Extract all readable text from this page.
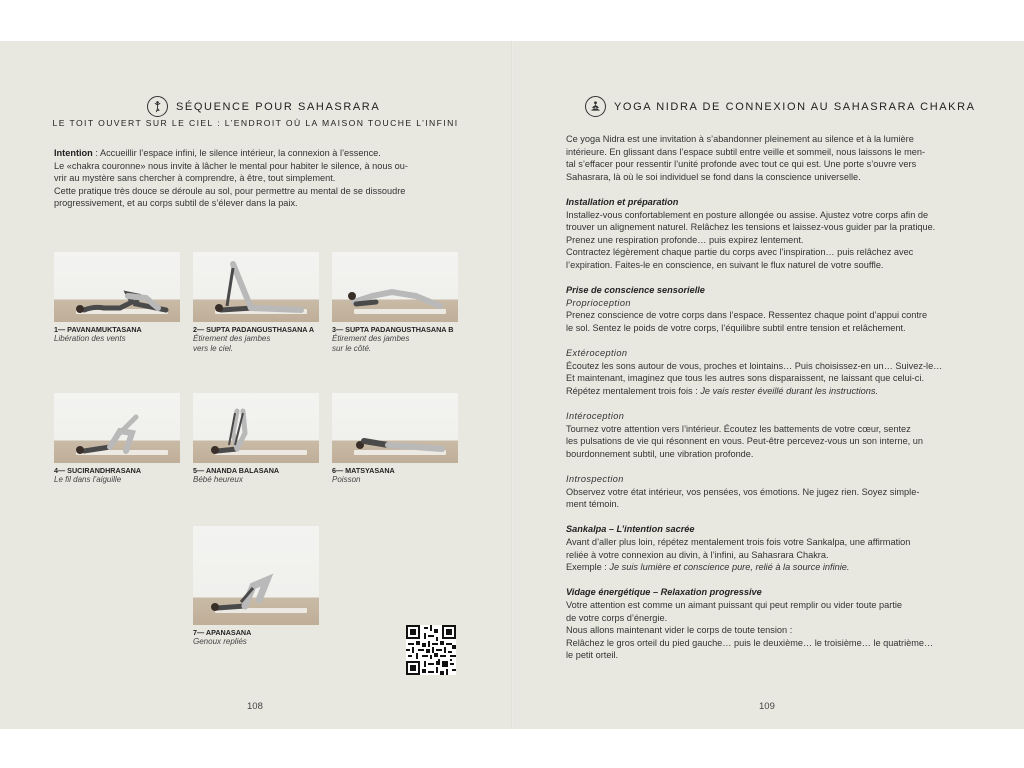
SÉQUENCE POUR SAHASRARA
LE TOIT OUVERT SUR LE CIEL : L’ENDROIT OÙ LA MAISON TOUCHE L’INFINI

Intention : Accueillir l’espace infini, le silence intérieur, la connexion à l’essence.

Le «chakra couronne» nous invite à lâcher le mental pour habiter le silence, à nous ou-

vrir au mystère sans chercher à comprendre, à être, tout simplement.

Cette pratique très douce se déroule au sol, pour permettre au mental de se dissoudre

progressivement, et au corps subtil de s’élever dans la paix.

1— PAVANAMUKTASANA
Libération des vents
2— SUPTA PADANGUSTHASANA A
Étirement des jambes
vers le ciel.
3— SUPTA PADANGUSTHASANA B
Étirement des jambes
sur le côté.
4— SUCIRANDHRASANA
Le fil dans l’aiguille
5— ANANDA BALASANA
Bébé heureux
6— MATSYASANA
Poisson
7— APANASANA
Genoux repliés
108
YOGA NIDRA DE CONNEXION AU SAHASRARA CHAKRA

Ce yoga Nidra est une invitation à s’abandonner pleinement au silence et à la lumière

intérieure. En glissant dans l’espace subtil entre veille et sommeil, nous laissons le men-

tal s’effacer pour ressentir l’unité profonde avec tout ce qui est. Une porte s’ouvre vers

Sahasrara, là où le soi individuel se fond dans la conscience universelle.

Installation et préparation

Installez-vous confortablement en posture allongée ou assise. Ajustez votre corps afin de

trouver un alignement naturel. Relâchez les tensions et laissez-vous guider par la pratique.

Prenez une respiration profonde… puis expirez lentement.

Contractez légèrement chaque partie du corps avec l’inspiration… puis relâchez avec

l’expiration. Faites-le en conscience, en suivant le flux naturel de votre souffle.

Prise de conscience sensorielle

Proprioception

Prenez conscience de votre corps dans l’espace. Ressentez chaque point d’appui contre

le sol. Sentez le poids de votre corps, l’équilibre subtil entre tension et relâchement.

Extéroception

Écoutez les sons autour de vous, proches et lointains… Puis choisissez-en un… Suivez-le…

Et maintenant, imaginez que tous les autres sons disparaissent, ne laissant que celui-ci.

Répétez mentalement trois fois : Je vais rester éveillé durant les instructions.

Intéroception

Tournez votre attention vers l’intérieur. Écoutez les battements de votre cœur, sentez

les pulsations de vie qui résonnent en vous. Peut-être percevez-vous un son interne, un

bourdonnement subtil, une vibration profonde.

Introspection

Observez votre état intérieur, vos pensées, vos émotions. Ne jugez rien. Soyez simple-

ment témoin.

Sankalpa – L’intention sacrée

Avant d’aller plus loin, répétez mentalement trois fois votre Sankalpa, une affirmation

reliée à votre connexion au divin, à l’infini, au Sahasrara Chakra.

Exemple : Je suis lumière et conscience pure, relié à la source infinie.

Vidage énergétique – Relaxation progressive

Votre attention est comme un aimant puissant qui peut remplir ou vider toute partie

de votre corps d’énergie.

Nous allons maintenant vider le corps de toute tension :

Relâchez le gros orteil du pied gauche… puis le deuxième… le troisième… le quatrième…

le petit orteil.

109
